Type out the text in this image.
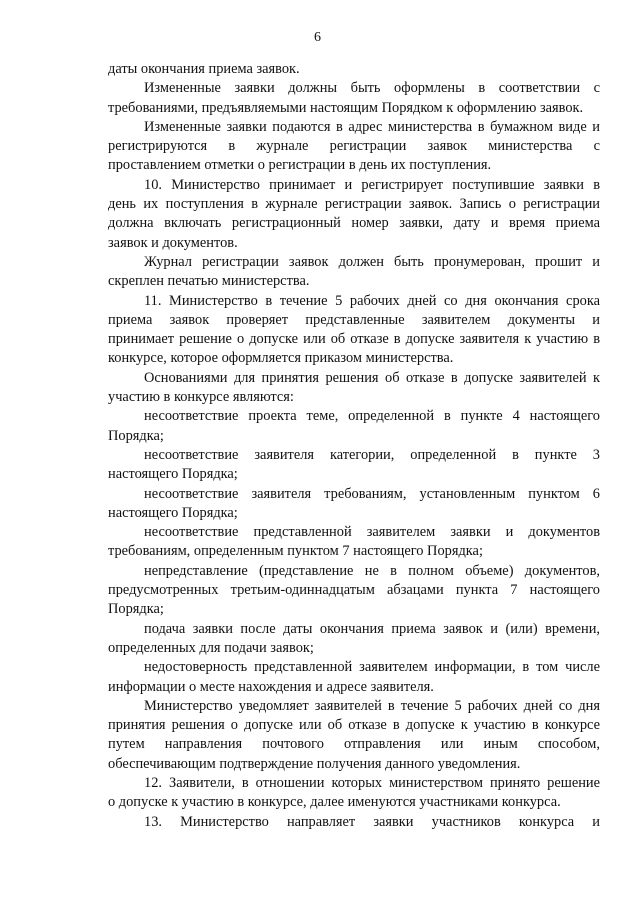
6
даты окончания приема заявок.
Измененные заявки должны быть оформлены в соответствии с
требованиями, предъявляемыми настоящим Порядком к оформлению заявок.
Измененные заявки подаются в адрес министерства в бумажном виде и
регистрируются в журнале регистрации заявок министерства с
проставлением отметки о регистрации в день их поступления.
10. Министерство принимает и регистрирует поступившие заявки в
день их поступления в журнале регистрации заявок. Запись о регистрации
должна включать регистрационный номер заявки, дату и время приема
заявок и документов.
Журнал регистрации заявок должен быть пронумерован, прошит и
скреплен печатью министерства.
11. Министерство в течение 5 рабочих дней со дня окончания срока
приема заявок проверяет представленные заявителем документы и
принимает решение о допуске или об отказе в допуске заявителя к участию в
конкурсе, которое оформляется приказом министерства.
Основаниями для принятия решения об отказе в допуске заявителей к
участию в конкурсе являются:
несоответствие проекта теме, определенной в пункте 4 настоящего
Порядка;
несоответствие заявителя категории, определенной в пункте 3
настоящего Порядка;
несоответствие заявителя требованиям, установленным пунктом 6
настоящего Порядка;
несоответствие представленной заявителем заявки и документов
требованиям, определенным пунктом 7 настоящего Порядка;
непредставление (представление не в полном объеме) документов,
предусмотренных третьим-одиннадцатым абзацами пункта 7 настоящего
Порядка;
подача заявки после даты окончания приема заявок и (или) времени,
определенных для подачи заявок;
недостоверность представленной заявителем информации, в том числе
информации о месте нахождения и адресе заявителя.
Министерство уведомляет заявителей в течение 5 рабочих дней со дня
принятия решения о допуске или об отказе в допуске к участию в конкурсе
путем направления почтового отправления или иным способом,
обеспечивающим подтверждение получения данного уведомления.
12. Заявители, в отношении которых министерством принято решение
о допуске к участию в конкурсе, далее именуются участниками конкурса.
13. Министерство направляет заявки участников конкурса и
